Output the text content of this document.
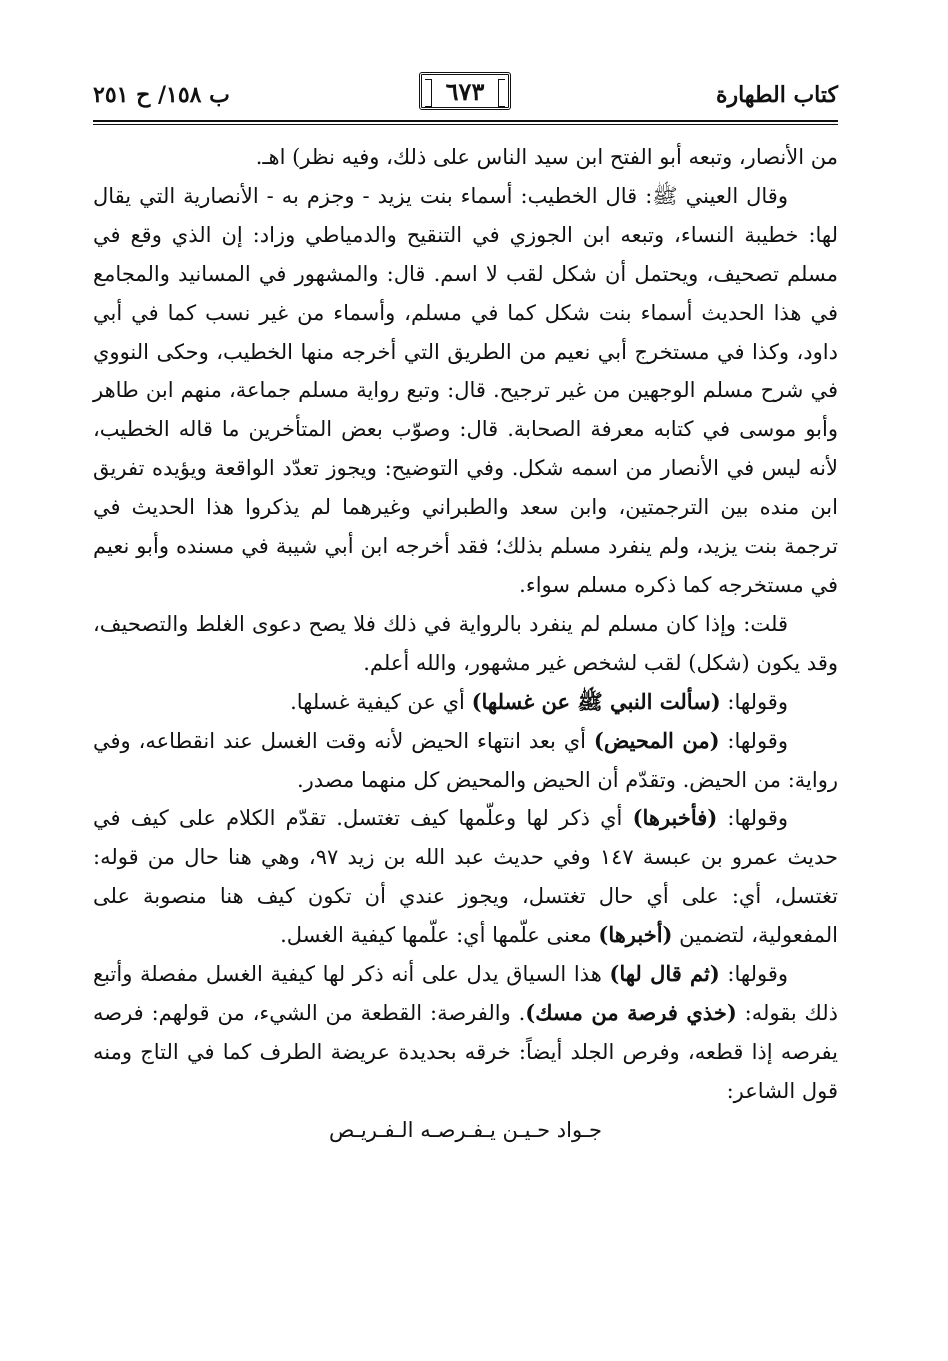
كتاب الطهارة
٦٧٣
ب ١٥٨/ ح ٢٥١

من الأنصار، وتبعه أبو الفتح ابن سيد الناس على ذلك، وفيه نظر) اهـ.

وقال العيني ﷺ: قال الخطيب: أسماء بنت يزيد - وجزم به - الأنصارية التي يقال لها: خطيبة النساء، وتبعه ابن الجوزي في التنقيح والدمياطي وزاد: إن الذي وقع في مسلم تصحيف، ويحتمل أن شكل لقب لا اسم. قال: والمشهور في المسانيد والمجامع في هذا الحديث أسماء بنت شكل كما في مسلم، وأسماء من غير نسب كما في أبي داود، وكذا في مستخرج أبي نعيم من الطريق التي أخرجه منها الخطيب، وحكى النووي في شرح مسلم الوجهين من غير ترجيح. قال: وتبع رواية مسلم جماعة، منهم ابن طاهر وأبو موسى في كتابه معرفة الصحابة. قال: وصوّب بعض المتأخرين ما قاله الخطيب، لأنه ليس في الأنصار من اسمه شكل. وفي التوضيح: ويجوز تعدّد الواقعة ويؤيده تفريق ابن منده بين الترجمتين، وابن سعد والطبراني وغيرهما لم يذكروا هذا الحديث في ترجمة بنت يزيد، ولم ينفرد مسلم بذلك؛ فقد أخرجه ابن أبي شيبة في مسنده وأبو نعيم في مستخرجه كما ذكره مسلم سواء.

قلت: وإذا كان مسلم لم ينفرد بالرواية في ذلك فلا يصح دعوى الغلط والتصحيف، وقد يكون (شكل) لقب لشخص غير مشهور، والله أعلم.

وقولها: (سألت النبي ﷺ عن غسلها) أي عن كيفية غسلها.

وقولها: (من المحيض) أي بعد انتهاء الحيض لأنه وقت الغسل عند انقطاعه، وفي رواية: من الحيض. وتقدّم أن الحيض والمحيض كل منهما مصدر.

وقولها: (فأخبرها) أي ذكر لها وعلّمها كيف تغتسل. تقدّم الكلام على كيف في حديث عمرو بن عبسة ١٤٧ وفي حديث عبد الله بن زيد ٩٧، وهي هنا حال من قوله: تغتسل، أي: على أي حال تغتسل، ويجوز عندي أن تكون كيف هنا منصوبة على المفعولية، لتضمين (أخبرها) معنى علّمها أي: علّمها كيفية الغسل.

وقولها: (ثم قال لها) هذا السياق يدل على أنه ذكر لها كيفية الغسل مفصلة وأتبع ذلك بقوله: (خذي فرصة من مسك). والفرصة: القطعة من الشيء، من قولهم: فرصه يفرصه إذا قطعه، وفرص الجلد أيضاً: خرقه بحديدة عريضة الطرف كما في التاج ومنه قول الشاعر:

جـواد حـيـن يـفـرصـه الـفـريـص
